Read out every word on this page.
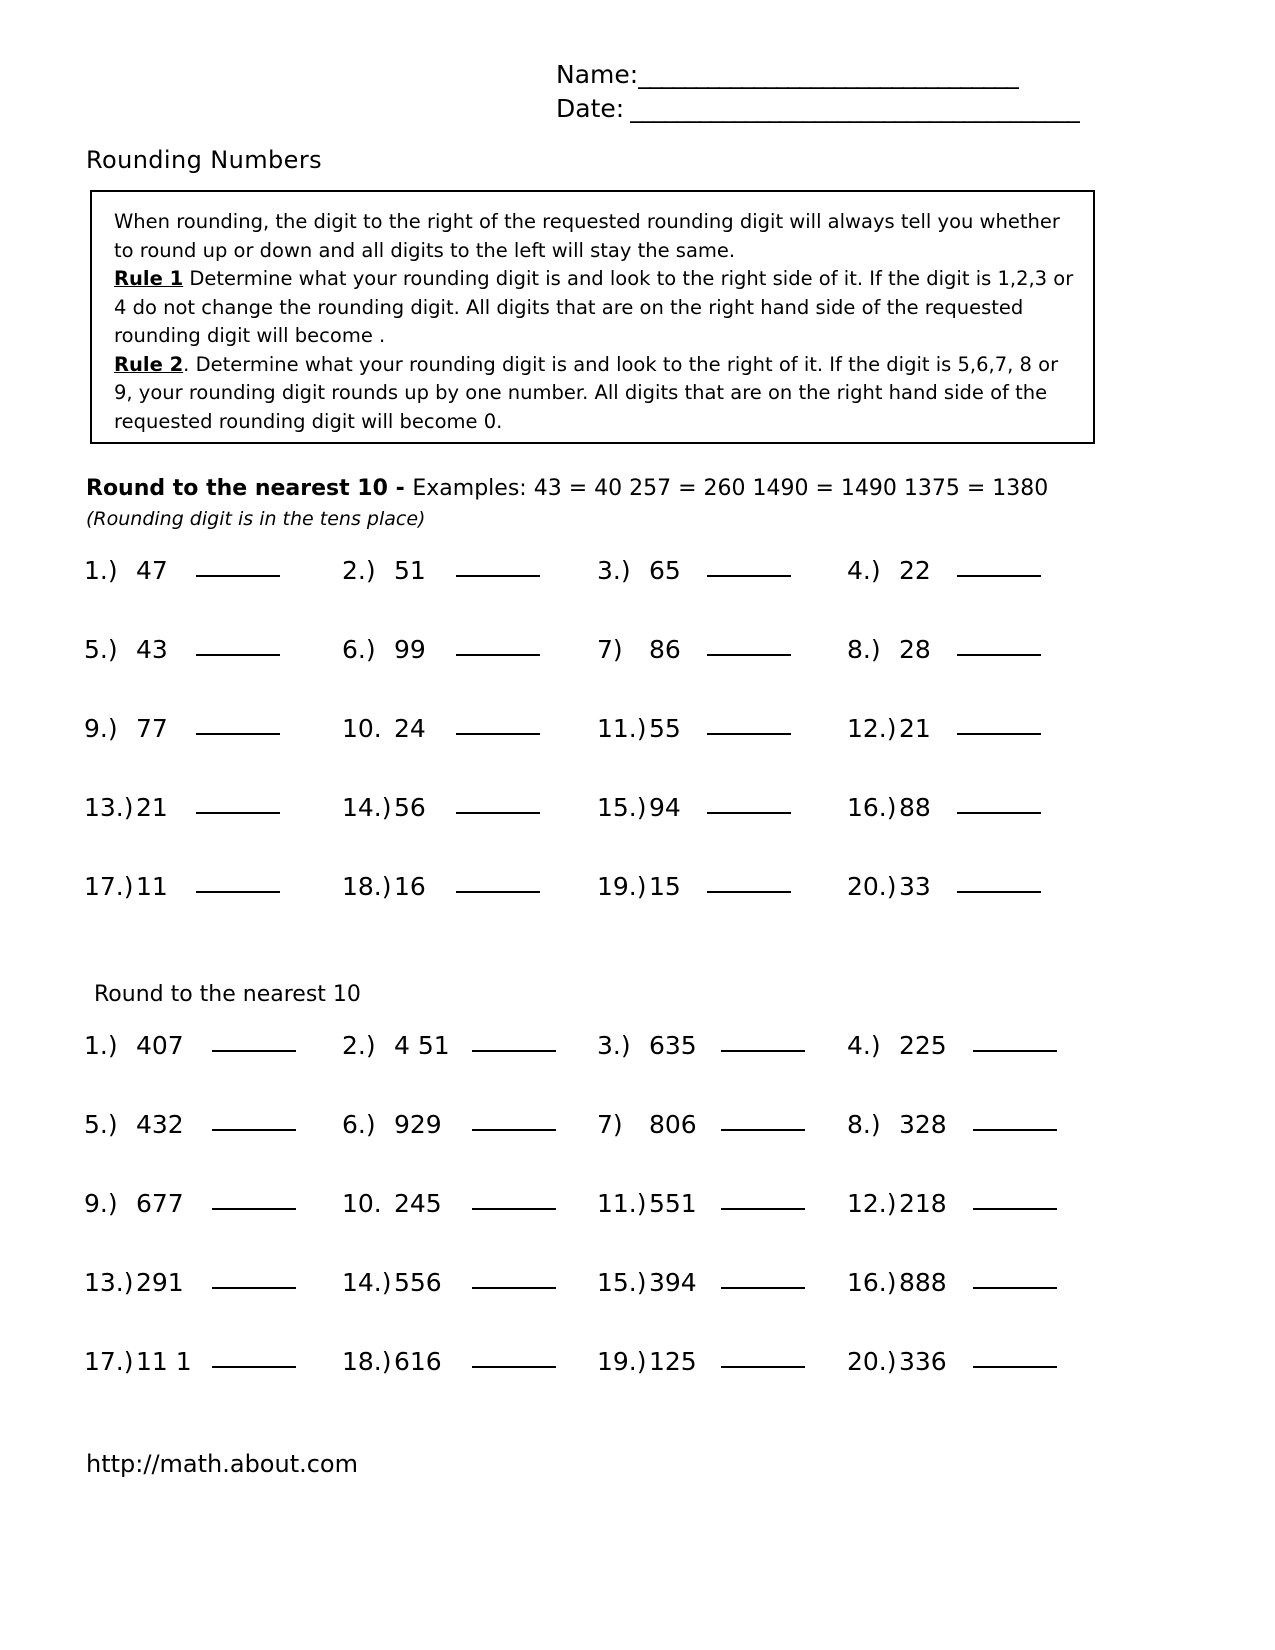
Name: _________________________________
Date: _______________________________________
Rounding Numbers

When rounding, the digit to the right of the requested rounding digit will always tell you whether to round up or down and all digits to the left will stay the same.

Rule 1 Determine what your rounding digit is and look to the right side of it. If the digit is 1,2,3 or 4 do not change the rounding digit. All digits that are on the right hand side of the requested rounding digit will become .

Rule 2. Determine what your rounding digit is and look to the right of it. If the digit is 5,6,7, 8 or 9, your rounding digit rounds up by one number. All digits that are on the right hand side of the requested rounding digit will become 0.

Round to the nearest 10 - Examples: 43 = 40 257 = 260 1490 = 1490 1375 = 1380
(Rounding digit is in the tens place)
1.) 47	2.) 51	3.) 65	4.) 22
5.) 43	6.) 99	7)	86	8.) 28
9.) 77	10. 24	11.) 55	12.) 21
13.) 21	14.) 56	15.) 94	16.) 88
17.) 11	18.) 16	19.) 15	20.) 33
Round to the nearest 10
1.) 407	2.) 4 51	3.) 635	4.) 225
5.) 432	6.) 929	7)	806	8.) 328
9.) 677	10. 245	11.) 551	12.) 218
13.) 291	14.) 556	15.) 394	16.) 888
17.) 11 1	18.) 616	19.) 125	20.) 336
http://math.about.com
